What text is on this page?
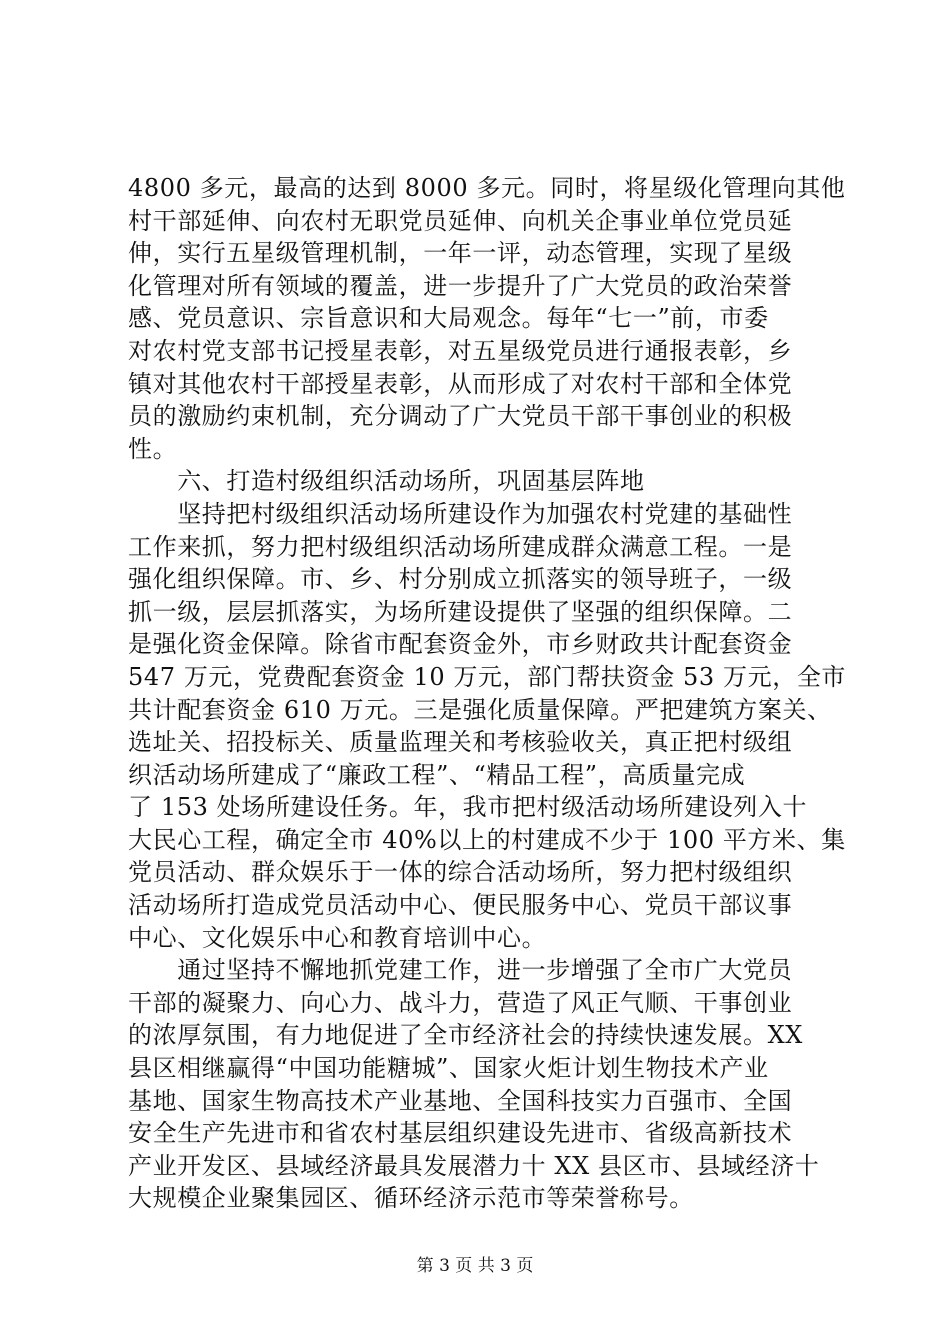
4800 多元，最高的达到 8000 多元。同时，将星级化管理向其他
村干部延伸、向农村无职党员延伸、向机关企事业单位党员延
伸，实行五星级管理机制，一年一评，动态管理，实现了星级
化管理对所有领域的覆盖，进一步提升了广大党员的政治荣誉
感、党员意识、宗旨意识和大局观念。每年“七一”前，市委
对农村党支部书记授星表彰，对五星级党员进行通报表彰，乡
镇对其他农村干部授星表彰，从而形成了对农村干部和全体党
员的激励约束机制，充分调动了广大党员干部干事创业的积极
性。
　　六、打造村级组织活动场所，巩固基层阵地
　　坚持把村级组织活动场所建设作为加强农村党建的基础性
工作来抓，努力把村级组织活动场所建成群众满意工程。一是
强化组织保障。市、乡、村分别成立抓落实的领导班子，一级
抓一级，层层抓落实，为场所建设提供了坚强的组织保障。二
是强化资金保障。除省市配套资金外，市乡财政共计配套资金
547 万元，党费配套资金 10 万元，部门帮扶资金 53 万元，全市
共计配套资金 610 万元。三是强化质量保障。严把建筑方案关、
选址关、招投标关、质量监理关和考核验收关，真正把村级组
织活动场所建成了“廉政工程”、“精品工程”，高质量完成
了 153 处场所建设任务。年，我市把村级活动场所建设列入十
大民心工程，确定全市 40%以上的村建成不少于 100 平方米、集
党员活动、群众娱乐于一体的综合活动场所，努力把村级组织
活动场所打造成党员活动中心、便民服务中心、党员干部议事
中心、文化娱乐中心和教育培训中心。
　　通过坚持不懈地抓党建工作，进一步增强了全市广大党员
干部的凝聚力、向心力、战斗力，营造了风正气顺、干事创业
的浓厚氛围，有力地促进了全市经济社会的持续快速发展。XX
县区相继赢得“中国功能糖城”、国家火炬计划生物技术产业
基地、国家生物高技术产业基地、全国科技实力百强市、全国
安全生产先进市和省农村基层组织建设先进市、省级高新技术
产业开发区、县域经济最具发展潜力十 XX 县区市、县域经济十
大规模企业聚集园区、循环经济示范市等荣誉称号。
第 3 页 共 3 页
